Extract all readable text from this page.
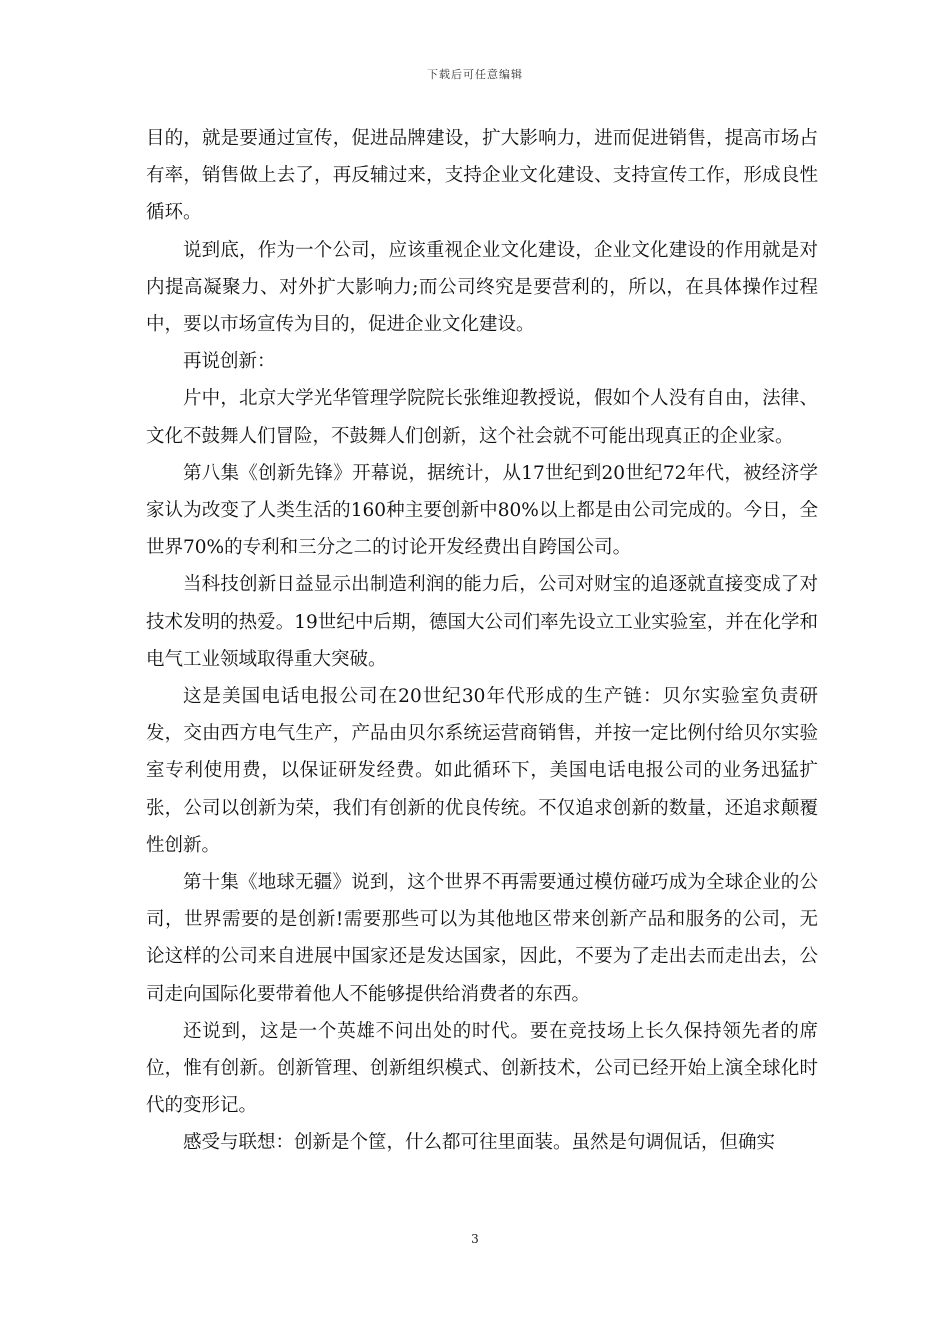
下载后可任意编辑

目的，就是要通过宣传，促进品牌建设，扩大影响力，进而促进销售，提高市场占有率，销售做上去了，再反辅过来，支持企业文化建设、支持宣传工作，形成良性循环。

说到底，作为一个公司，应该重视企业文化建设，企业文化建设的作用就是对内提高凝聚力、对外扩大影响力;而公司终究是要营利的，所以，在具体操作过程中，要以市场宣传为目的，促进企业文化建设。

再说创新：

片中，北京大学光华管理学院院长张维迎教授说，假如个人没有自由，法律、文化不鼓舞人们冒险，不鼓舞人们创新，这个社会就不可能出现真正的企业家。

第八集《创新先锋》开幕说，据统计，从17世纪到20世纪72年代，被经济学家认为改变了人类生活的160种主要创新中80%以上都是由公司完成的。今日，全世界70%的专利和三分之二的讨论开发经费出自跨国公司。

当科技创新日益显示出制造利润的能力后，公司对财宝的追逐就直接变成了对技术发明的热爱。19世纪中后期，德国大公司们率先设立工业实验室，并在化学和电气工业领域取得重大突破。

这是美国电话电报公司在20世纪30年代形成的生产链：贝尔实验室负责研发，交由西方电气生产，产品由贝尔系统运营商销售，并按一定比例付给贝尔实验室专利使用费，以保证研发经费。如此循环下，美国电话电报公司的业务迅猛扩张，公司以创新为荣，我们有创新的优良传统。不仅追求创新的数量，还追求颠覆性创新。

第十集《地球无疆》说到，这个世界不再需要通过模仿碰巧成为全球企业的公司，世界需要的是创新!需要那些可以为其他地区带来创新产品和服务的公司，无论这样的公司来自进展中国家还是发达国家，因此，不要为了走出去而走出去，公司走向国际化要带着他人不能够提供给消费者的东西。

还说到，这是一个英雄不问出处的时代。要在竞技场上长久保持领先者的席位，惟有创新。创新管理、创新组织模式、创新技术，公司已经开始上演全球化时代的变形记。

感受与联想：创新是个筐，什么都可往里面装。虽然是句调侃话，但确实

3
